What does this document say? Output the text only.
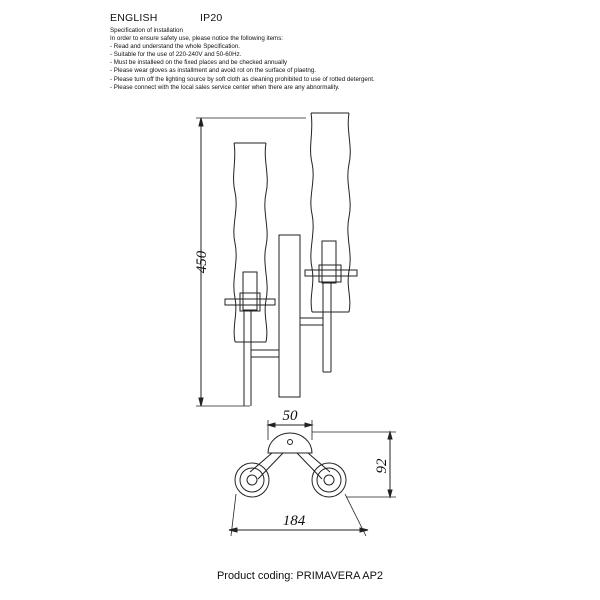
ENGLISH	IP20
Specification of installation
In order to ensure safety use, please notice the following items:
- Read and understand the whole Specification.
- Suitable for the use of 220-240V and 50-60Hz.
- Must be installeed on the fixed places and be checked annually
- Please wear gloves as installment and avoid rot on the surface of plaetng.
- Please turn off the lighting source by soft cloth as cleaning prohibited to use of rotted detergent.
- Please connect with the local sales service center when there are any abnormality.
450
50
92
184
Product coding: PRIMAVERA AP2
